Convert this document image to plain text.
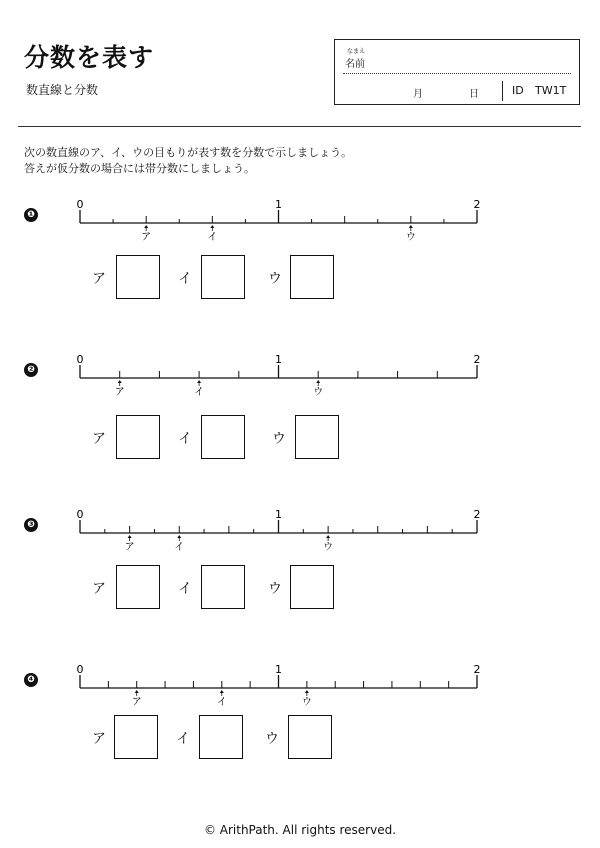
分数を表す
数直線と分数
なまえ
名前
月	日	ID TW1T
次の数直線のア、イ、ウの目もりが表す数を分数で示しましょう。
答えが仮分数の場合には帯分数にしましょう。
❶
0	1	2
ア	イ	ウ
ア	イ	ウ
❷
0	1	2
ア	イ	ウ
ア	イ	ウ
❸
0	1	2
ア	イ	ウ
ア	イ	ウ
❹
0	1	2
ア	イ	ウ
ア	イ	ウ
© ArithPath. All rights reserved.
